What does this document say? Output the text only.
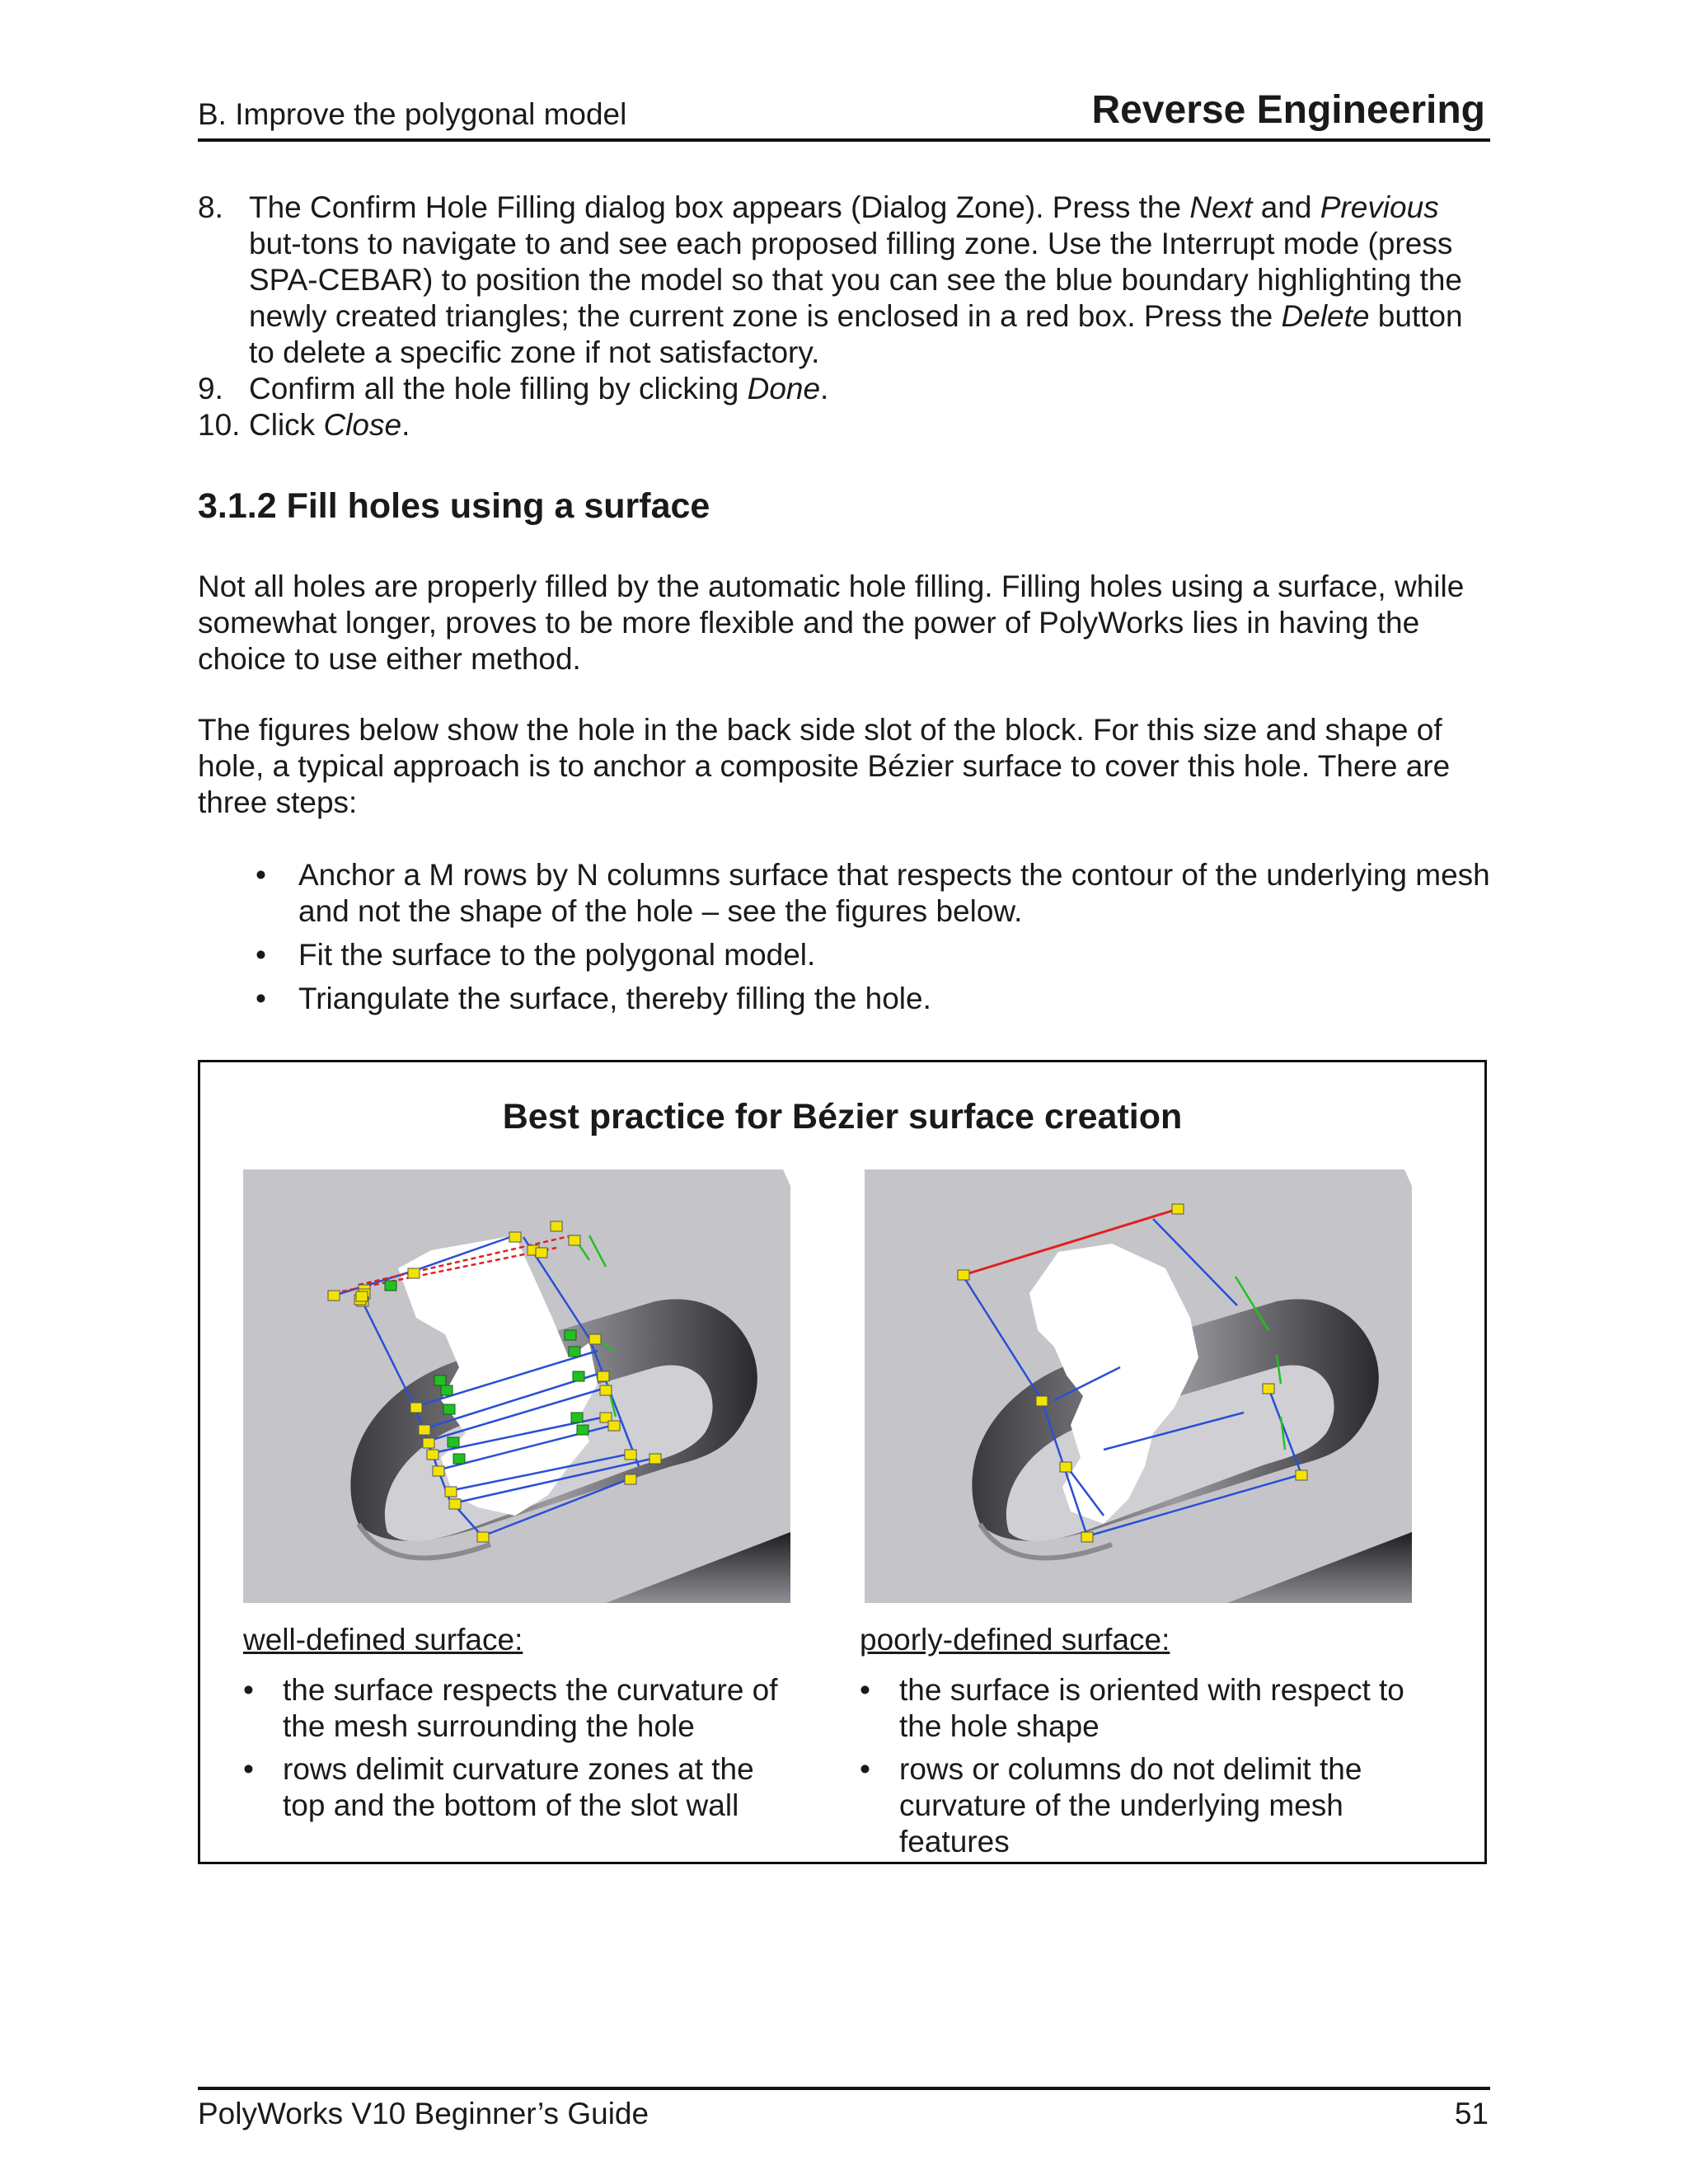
B. Improve the polygonal model	Reverse Engineering

8. The Confirm Hole Filling dialog box appears (Dialog Zone). Press the Next and Previous but-tons to navigate to and see each proposed filling zone. Use the Interrupt mode (press SPA-CEBAR) to position the model so that you can see the blue boundary highlighting the newly created triangles; the current zone is enclosed in a red box. Press the Delete button to delete a specific zone if not satisfactory.

9. Confirm all the hole filling by clicking Done.

10. Click Close.

3.1.2 Fill holes using a surface
Not all holes are properly filled by the automatic hole filling. Filling holes using a surface, while somewhat longer, proves to be more flexible and the power of PolyWorks lies in having the choice to use either method.
The figures below show the hole in the back side slot of the block. For this size and shape of hole, a typical approach is to anchor a composite Bézier surface to cover this hole. There are three steps:
• Anchor a M rows by N columns surface that respects the contour of the underlying mesh and not the shape of the hole – see the figures below.
• Fit the surface to the polygonal model.
• Triangulate the surface, thereby filling the hole.
Best practice for Bézier surface creation
well-defined surface:	poorly-defined surface:
• the surface respects the curvature of the mesh surrounding the hole
• rows delimit curvature zones at the top and the bottom of the slot wall
• the surface is oriented with respect to the hole shape
• rows or columns do not delimit the curvature of the underlying mesh features
PolyWorks V10 Beginner’s Guide	51
